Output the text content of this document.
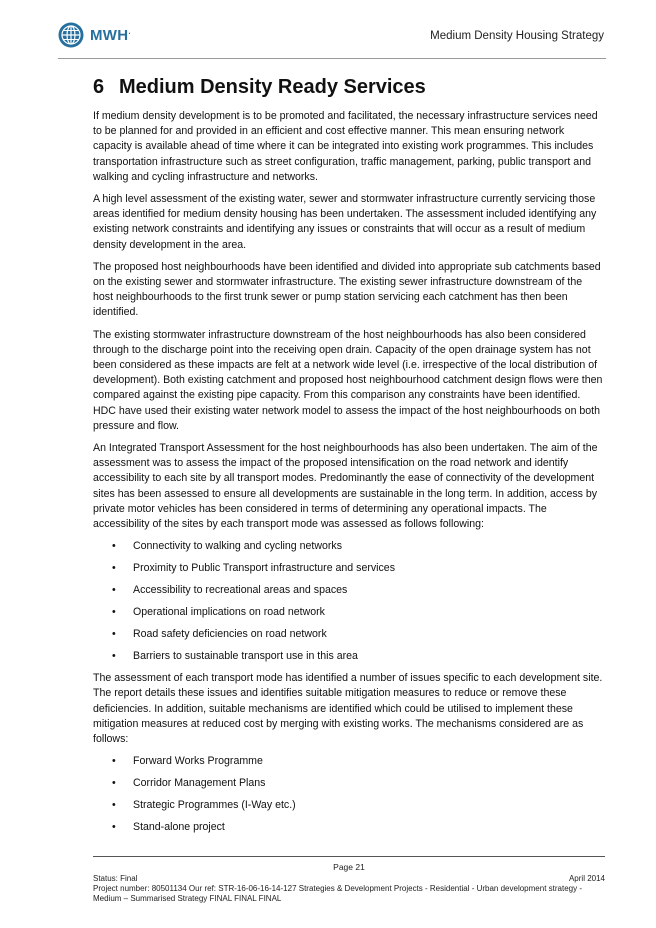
MWH.	Medium Density Housing Strategy
6 Medium Density Ready Services

If medium density development is to be promoted and facilitated, the necessary infrastructure services need to be planned for and provided in an efficient and cost effective manner. This mean ensuring network capacity is available ahead of time where it can be integrated into existing work programmes. This includes transportation infrastructure such as street configuration, traffic management, parking, public transport and walking and cycling infrastructure and networks.

A high level assessment of the existing water, sewer and stormwater infrastructure currently servicing those areas identified for medium density housing has been undertaken. The assessment included identifying any existing network constraints and identifying any issues or constraints that will occur as a result of medium density development in the area.

The proposed host neighbourhoods have been identified and divided into appropriate sub catchments based on the existing sewer and stormwater infrastructure. The existing sewer infrastructure downstream of the host neighbourhoods to the first trunk sewer or pump station servicing each catchment has then been identified.

The existing stormwater infrastructure downstream of the host neighbourhoods has also been considered through to the discharge point into the receiving open drain. Capacity of the open drainage system has not been considered as these impacts are felt at a network wide level (i.e. irrespective of the local distribution of development). Both existing catchment and proposed host neighbourhood catchment design flows were then compared against the existing pipe capacity. From this comparison any constraints have been identified. HDC have used their existing water network model to assess the impact of the host neighbourhoods on both pressure and flow.

An Integrated Transport Assessment for the host neighbourhoods has also been undertaken. The aim of the assessment was to assess the impact of the proposed intensification on the road network and identify accessibility to each site by all transport modes. Predominantly the ease of connectivity of the development sites has been assessed to ensure all developments are sustainable in the long term. In addition, access by private motor vehicles has been considered in terms of determining any operational impacts. The accessibility of the sites by each transport mode was assessed as follows following:

• Connectivity to walking and cycling networks
• Proximity to Public Transport infrastructure and services
• Accessibility to recreational areas and spaces
• Operational implications on road network
• Road safety deficiencies on road network
• Barriers to sustainable transport use in this area

The assessment of each transport mode has identified a number of issues specific to each development site. The report details these issues and identifies suitable mitigation measures to reduce or remove these deficiencies. In addition, suitable mechanisms are identified which could be utilised to implement these mitigation measures at reduced cost by merging with existing works. The mechanisms considered are as follows:

• Forward Works Programme
• Corridor Management Plans
• Strategic Programmes (I-Way etc.)
• Stand-alone project
Page 21
Status: Final	April 2014
Project number: 80501134 Our ref: STR-16-06-16-14-127 Strategies & Development Projects - Residential - Urban development strategy - Medium – Summarised Strategy FINAL FINAL FINAL
